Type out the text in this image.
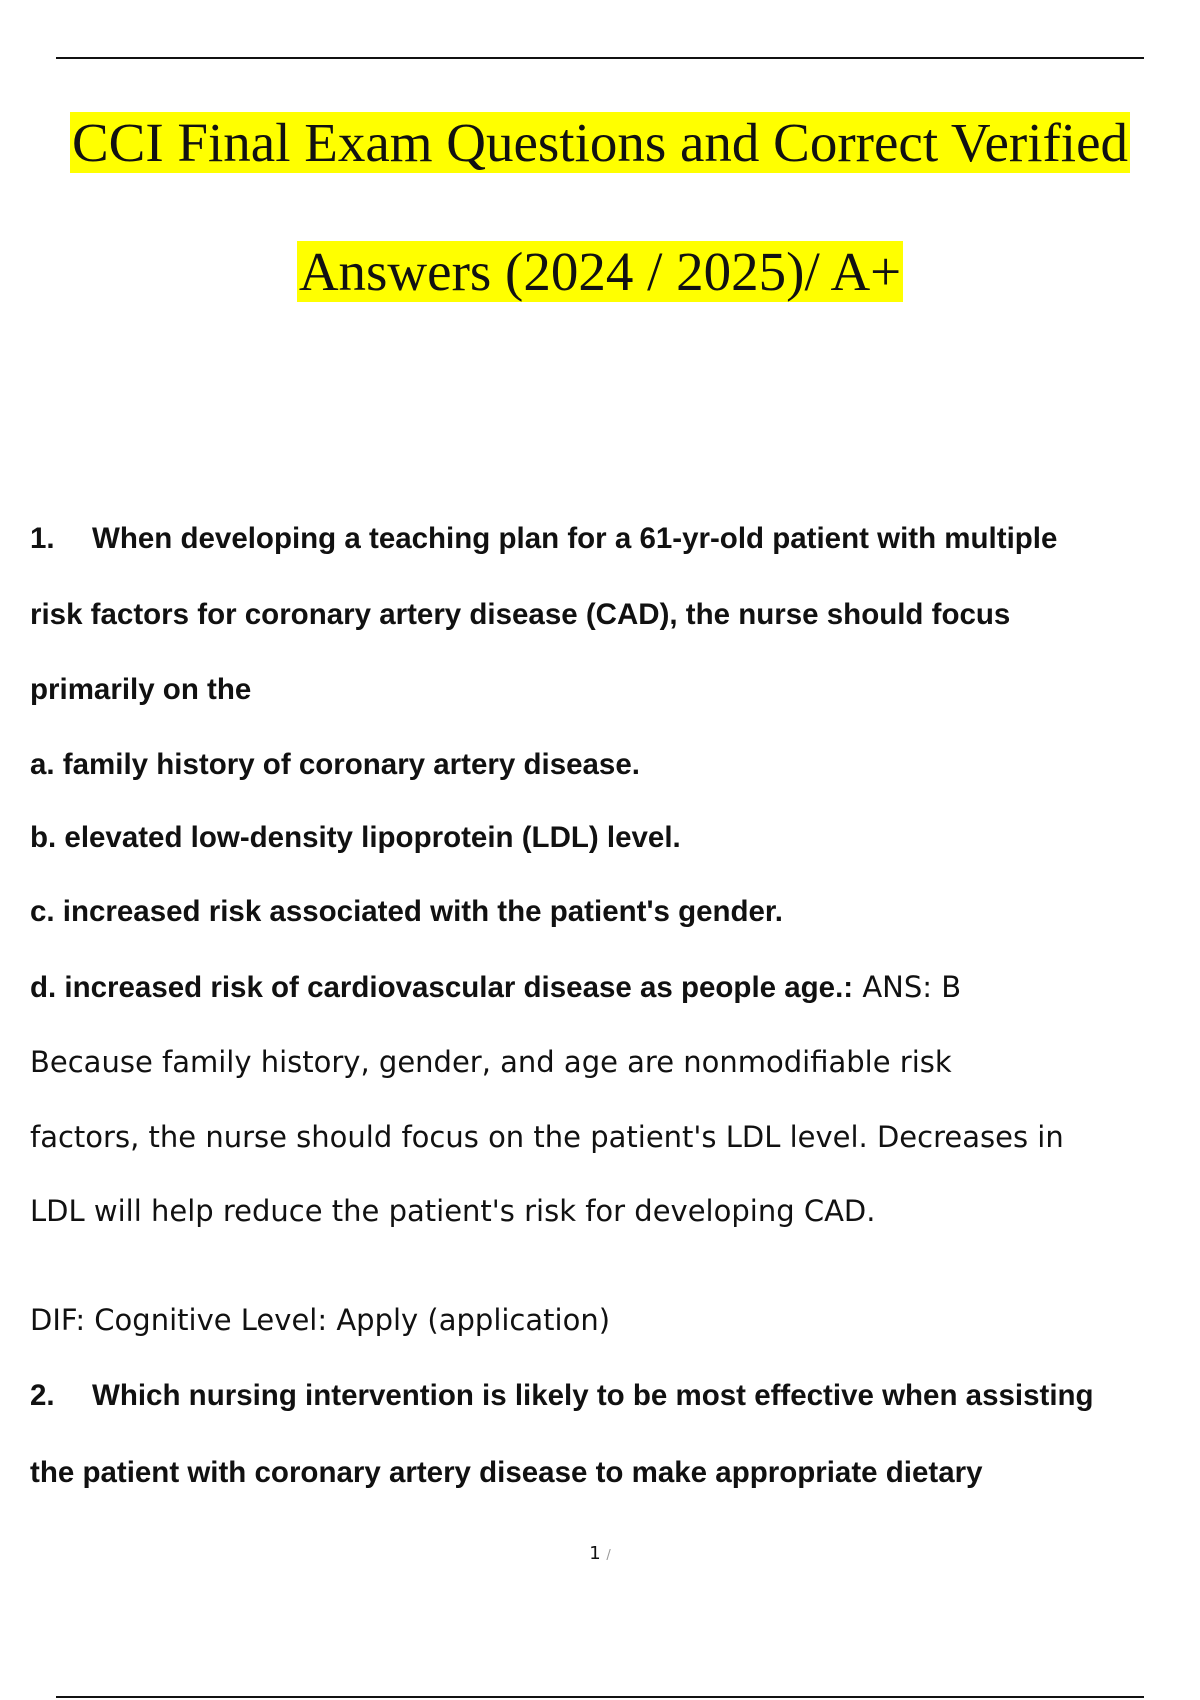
CCI Final Exam Questions and Correct Verified
Answers (2024 / 2025)/ A+
1. When developing a teaching plan for a 61-yr-old patient with multiple
risk factors for coronary artery disease (CAD), the nurse should focus
primarily on the
a. family history of coronary artery disease.
b. elevated low-density lipoprotein (LDL) level.
c. increased risk associated with the patient's gender.
d. increased risk of cardiovascular disease as people age.: ANS: B
Because family history, gender, and age are nonmodifiable risk
factors, the nurse should focus on the patient's LDL level. Decreases in
LDL will help reduce the patient's risk for developing CAD.
DIF: Cognitive Level: Apply (application)
2. Which nursing intervention is likely to be most effective when assisting
the patient with coronary artery disease to make appropriate dietary
1 /
